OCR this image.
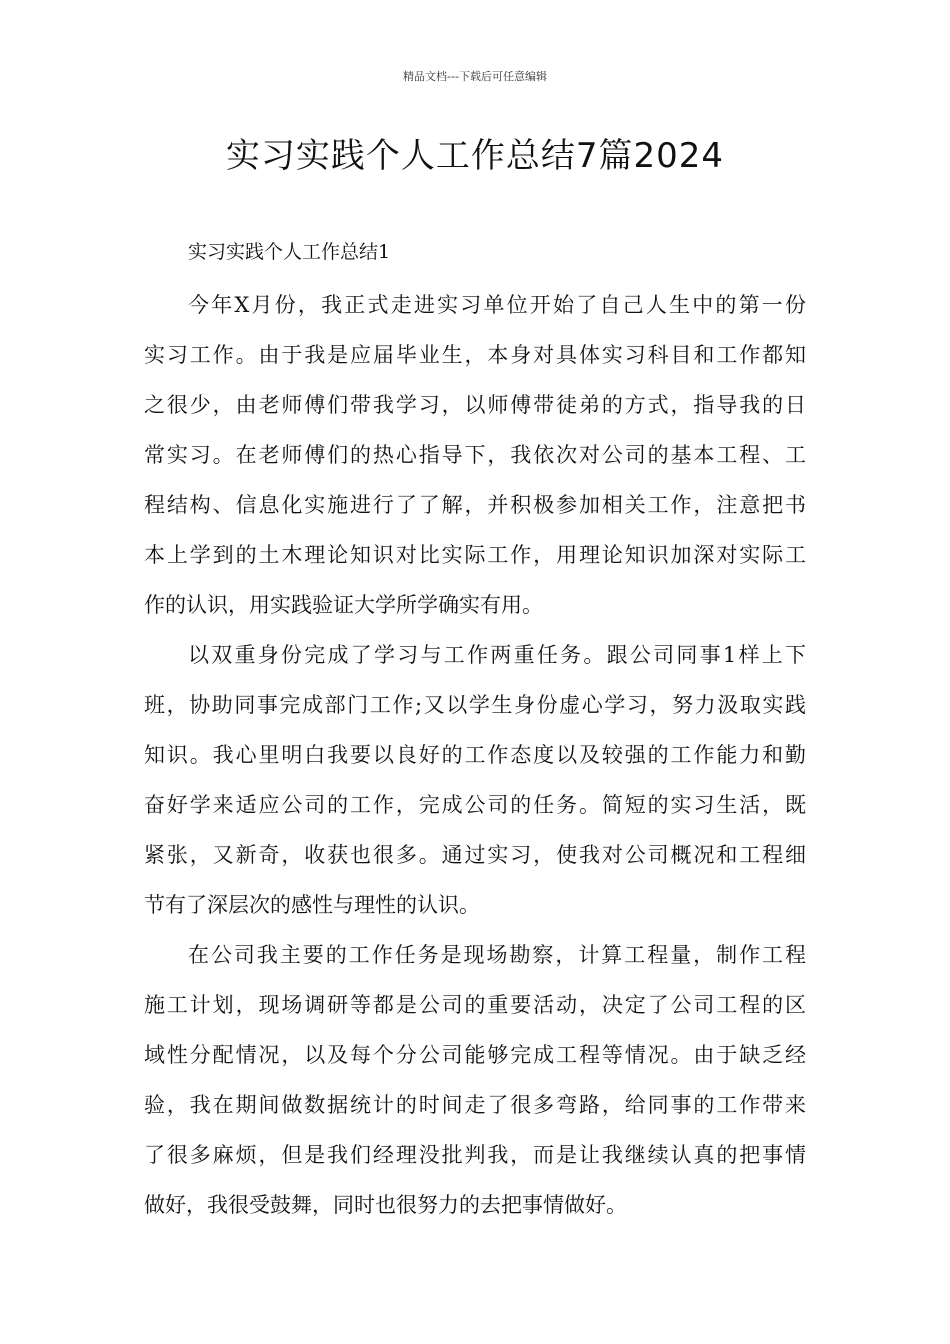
精品文档---下载后可任意编辑
实习实践个人工作总结7篇2024
实习实践个人工作总结1
今年X月份，我正式走进实习单位开始了自己人生中的第一份
实习工作。由于我是应届毕业生，本身对具体实习科目和工作都知
之很少，由老师傅们带我学习，以师傅带徒弟的方式，指导我的日
常实习。在老师傅们的热心指导下，我依次对公司的基本工程、工
程结构、信息化实施进行了了解，并积极参加相关工作，注意把书
本上学到的土木理论知识对比实际工作，用理论知识加深对实际工
作的认识，用实践验证大学所学确实有用。
以双重身份完成了学习与工作两重任务。跟公司同事1样上下
班，协助同事完成部门工作;又以学生身份虚心学习，努力汲取实践
知识。我心里明白我要以良好的工作态度以及较强的工作能力和勤
奋好学来适应公司的工作，完成公司的任务。简短的实习生活，既
紧张，又新奇，收获也很多。通过实习，使我对公司概况和工程细
节有了深层次的感性与理性的认识。
在公司我主要的工作任务是现场勘察，计算工程量，制作工程
施工计划，现场调研等都是公司的重要活动，决定了公司工程的区
域性分配情况，以及每个分公司能够完成工程等情况。由于缺乏经
验，我在期间做数据统计的时间走了很多弯路，给同事的工作带来
了很多麻烦，但是我们经理没批判我，而是让我继续认真的把事情
做好，我很受鼓舞，同时也很努力的去把事情做好。
